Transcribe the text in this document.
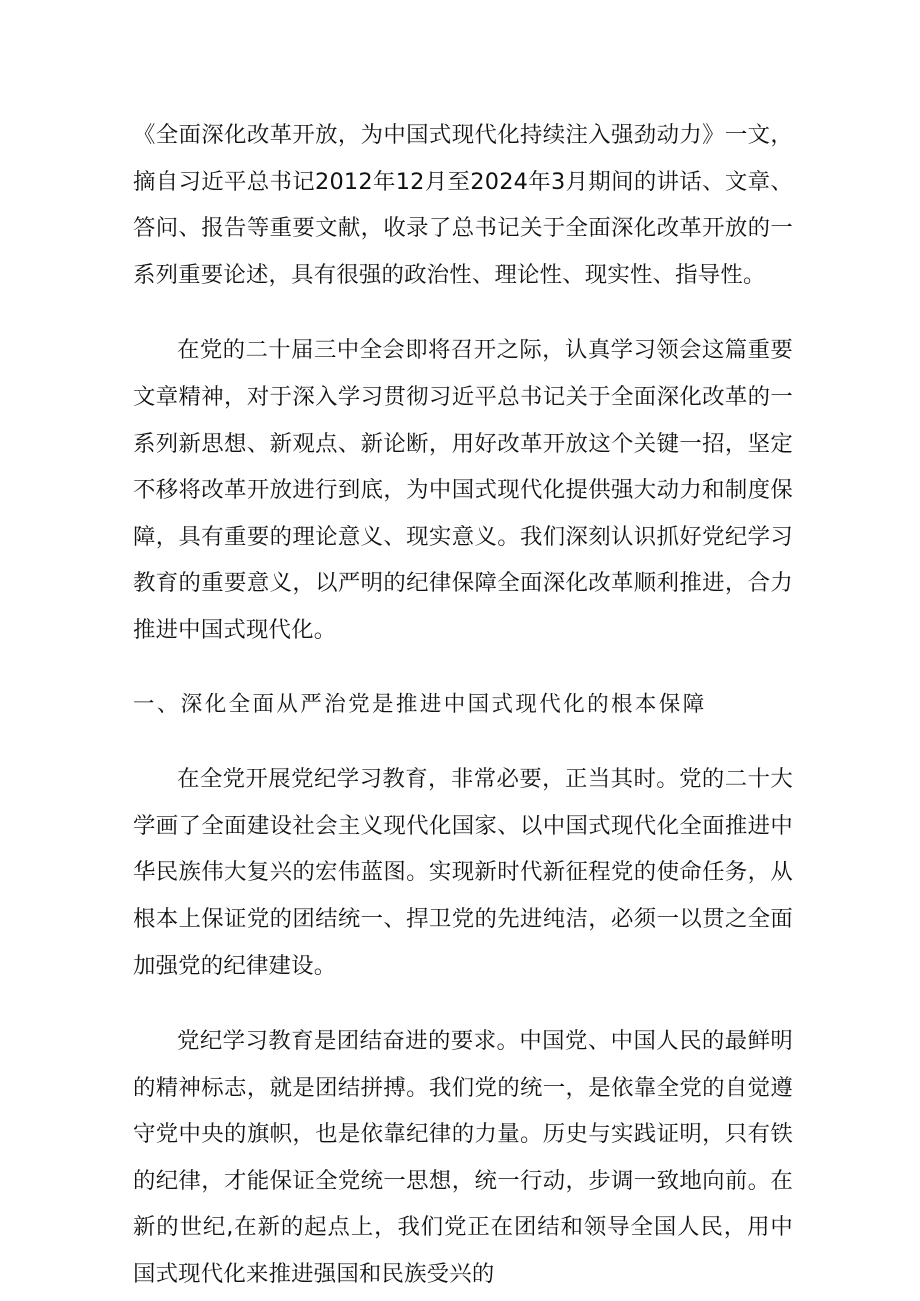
《全面深化改革开放，为中国式现代化持续注入强劲动力》一文，摘自习近平总书记2012年12月至2024年3月期间的讲话、文章、答问、报告等重要文献，收录了总书记关于全面深化改革开放的一系列重要论述，具有很强的政治性、理论性、现实性、指导性。

在党的二十届三中全会即将召开之际，认真学习领会这篇重要文章精神，对于深入学习贯彻习近平总书记关于全面深化改革的一系列新思想、新观点、新论断，用好改革开放这个关键一招，坚定不移将改革开放进行到底，为中国式现代化提供强大动力和制度保障，具有重要的理论意义、现实意义。我们深刻认识抓好党纪学习教育的重要意义，以严明的纪律保障全面深化改革顺利推进，合力推进中国式现代化。

一、深化全面从严治党是推进中国式现代化的根本保障

在全党开展党纪学习教育，非常必要，正当其时。党的二十大学画了全面建设社会主义现代化国家、以中国式现代化全面推进中华民族伟大复兴的宏伟蓝图。实现新时代新征程党的使命任务，从根本上保证党的团结统一、捍卫党的先进纯洁，必须一以贯之全面加强党的纪律建设。

党纪学习教育是团结奋进的要求。中国党、中国人民的最鲜明的精神标志，就是团结拼搏。我们党的统一，是依靠全党的自觉遵守党中央的旗帜，也是依靠纪律的力量。历史与实践证明，只有铁的纪律，才能保证全党统一思想，统一行动，步调一致地向前。在新的世纪,在新的起点上，我们党正在团结和领导全国人民，用中国式现代化来推进强国和民族受兴的
